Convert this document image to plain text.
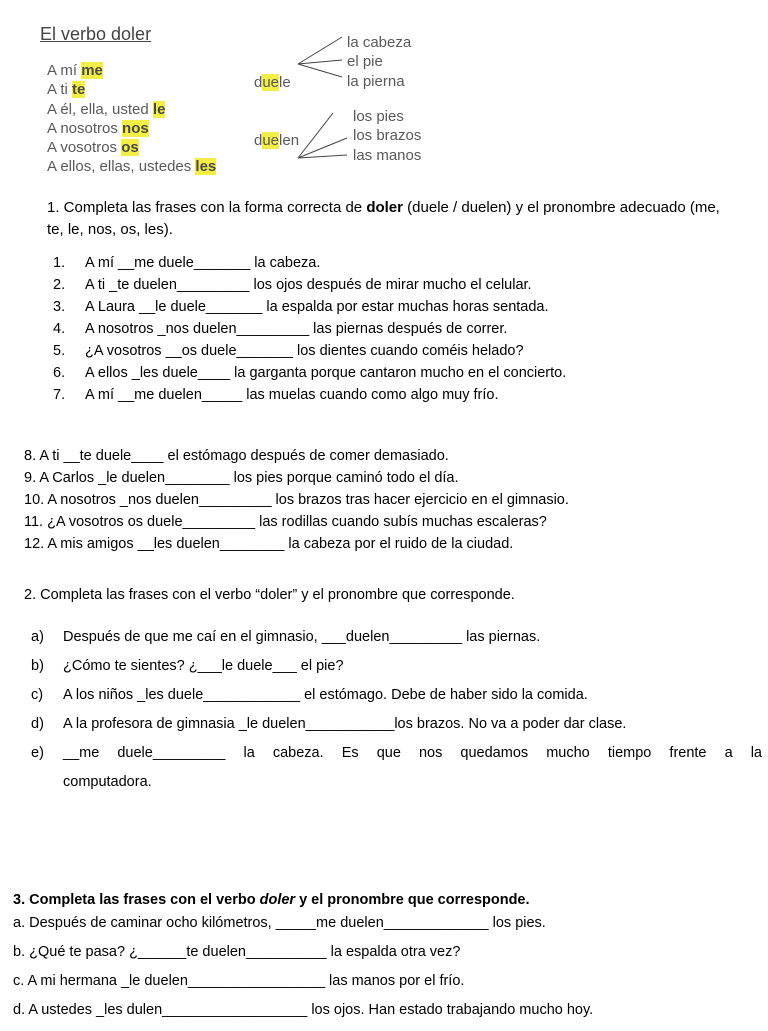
El verbo doler
A mí me
A ti te
A él, ella, usted le
A nosotros nos
A vosotros os
A ellos, ellas, ustedes les
duele
duelen
la cabeza
el pie
la pierna
los pies
los brazos
las manos
1. Completa las frases con la forma correcta de doler (duele / duelen) y el pronombre adecuado (me,
te, le, nos, os, les).
1. A mí __me duele_______ la cabeza.
2. A ti _te duelen_________ los ojos después de mirar mucho el celular.
3. A Laura __le duele_______ la espalda por estar muchas horas sentada.
4. A nosotros _nos duelen_________ las piernas después de correr.
5. ¿A vosotros __os duele_______ los dientes cuando coméis helado?
6. A ellos _les duele____ la garganta porque cantaron mucho en el concierto.
7. A mí __me duelen_____ las muelas cuando como algo muy frío.
8. A ti __te duele____ el estómago después de comer demasiado.
9. A Carlos _le duelen________ los pies porque caminó todo el día.
10. A nosotros _nos duelen_________ los brazos tras hacer ejercicio en el gimnasio.
11. ¿A vosotros os duele_________ las rodillas cuando subís muchas escaleras?
12. A mis amigos __les duelen________ la cabeza por el ruido de la ciudad.
2. Completa las frases con el verbo “doler” y el pronombre que corresponde.
a) Después de que me caí en el gimnasio, ___duelen_________ las piernas.
b) ¿Cómo te sientes? ¿___le duele___ el pie?
c) A los niños _les duele____________ el estómago. Debe de haber sido la comida.
d) A la profesora de gimnasia _le duelen___________los brazos. No va a poder dar clase.
e) __me duele_________ la cabeza. Es que nos quedamos mucho tiempo frente a la
computadora.
3. Completa las frases con el verbo doler y el pronombre que corresponde.
a. Después de caminar ocho kilómetros, _____me duelen_____________ los pies.
b. ¿Qué te pasa? ¿______te duelen__________ la espalda otra vez?
c. A mi hermana _le duelen_________________ las manos por el frío.
d. A ustedes _les dulen__________________ los ojos. Han estado trabajando mucho hoy.
